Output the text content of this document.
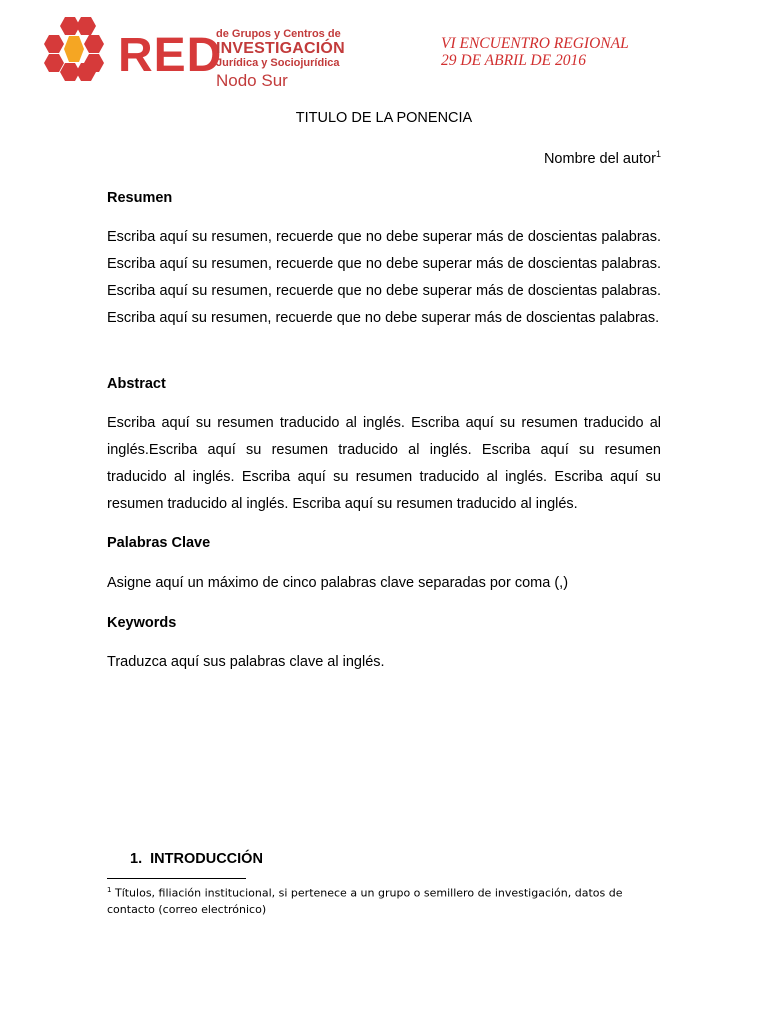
RED
de Grupos y Centros de
INVESTIGACIÓN
Jurídica y Sociojurídica
Nodo Sur
VI ENCUENTRO REGIONAL
29 DE ABRIL DE 2016
TITULO DE LA PONENCIA
Nombre del autor$^1$
Resumen
Escriba aquí su resumen, recuerde que no debe superar más de doscientas palabras. Escriba aquí su resumen, recuerde que no debe superar más de doscientas palabras. Escriba aquí su resumen, recuerde que no debe superar más de doscientas palabras. Escriba aquí su resumen, recuerde que no debe superar más de doscientas palabras.
Abstract
Escriba aquí su resumen traducido al inglés. Escriba aquí su resumen traducido al inglés.Escriba aquí su resumen traducido al inglés. Escriba aquí su resumen traducido al inglés. Escriba aquí su resumen traducido al inglés. Escriba aquí su resumen traducido al inglés. Escriba aquí su resumen traducido al inglés.
Palabras Clave
Asigne aquí un máximo de cinco palabras clave separadas por coma (,)
Keywords
Traduzca aquí sus palabras clave al inglés.
1. INTRODUCCIÓN
$^1$ Títulos, filiación institucional, si pertenece a un grupo o semillero de investigación, datos de contacto (correo electrónico)
